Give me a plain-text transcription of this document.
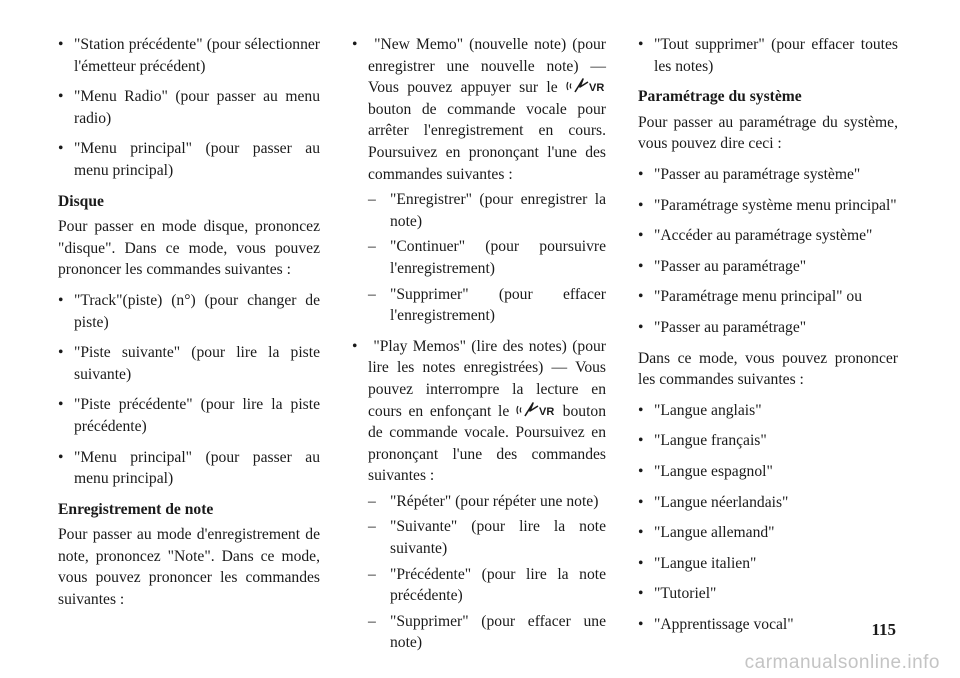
• "Station précédente" (pour sélectionner l'émetteur précédent)

• "Menu Radio" (pour passer au menu radio)

• "Menu principal" (pour passer au menu principal)

Disque

Pour passer en mode disque, prononcez "disque". Dans ce mode, vous pouvez prononcer les commandes suivantes :

• "Track"(piste) (n°) (pour changer de piste)

• "Piste suivante" (pour lire la piste suivante)

• "Piste précédente" (pour lire la piste précédente)

• "Menu principal" (pour passer au menu principal)

Enregistrement de note

Pour passer au mode d'enregistrement de note, prononcez "Note". Dans ce mode, vous pouvez prononcer les commandes suivantes :

• "New Memo" (nouvelle note) (pour enregistrer une nouvelle note) — Vous pouvez appuyer sur le	VR
bouton de commande vocale pour arrêter l'enregistrement en cours. Poursuivez en prononçant l'une des commandes suivantes :

– "Enregistrer" (pour enregistrer la note)

– "Continuer" (pour poursuivre l'enregistrement)

– "Supprimer" (pour effacer l'enregistrement)

• "Play Memos" (lire des notes) (pour lire les notes enregistrées) — Vous pouvez interrompre la lecture en cours en enfonçant le	VR bouton de commande vocale. Poursuivez en prononçant l'une des commandes suivantes :

– "Répéter" (pour répéter une note)

– "Suivante" (pour lire la note suivante)

– "Précédente" (pour lire la note précédente)

– "Supprimer" (pour effacer une note)

• "Tout supprimer" (pour effacer toutes les notes)

Paramétrage du système

Pour passer au paramétrage du système, vous pouvez dire ceci :

• "Passer au paramétrage système"

• "Paramétrage système menu principal"

• "Accéder au paramétrage système"

• "Passer au paramétrage"

• "Paramétrage menu principal" ou

• "Passer au paramétrage"

Dans ce mode, vous pouvez prononcer les commandes suivantes :

• "Langue anglais"

• "Langue français"

• "Langue espagnol"

• "Langue néerlandais"

• "Langue allemand"

• "Langue italien"

• "Tutoriel"

• "Apprentissage vocal"	115
carmanualsonline.info
